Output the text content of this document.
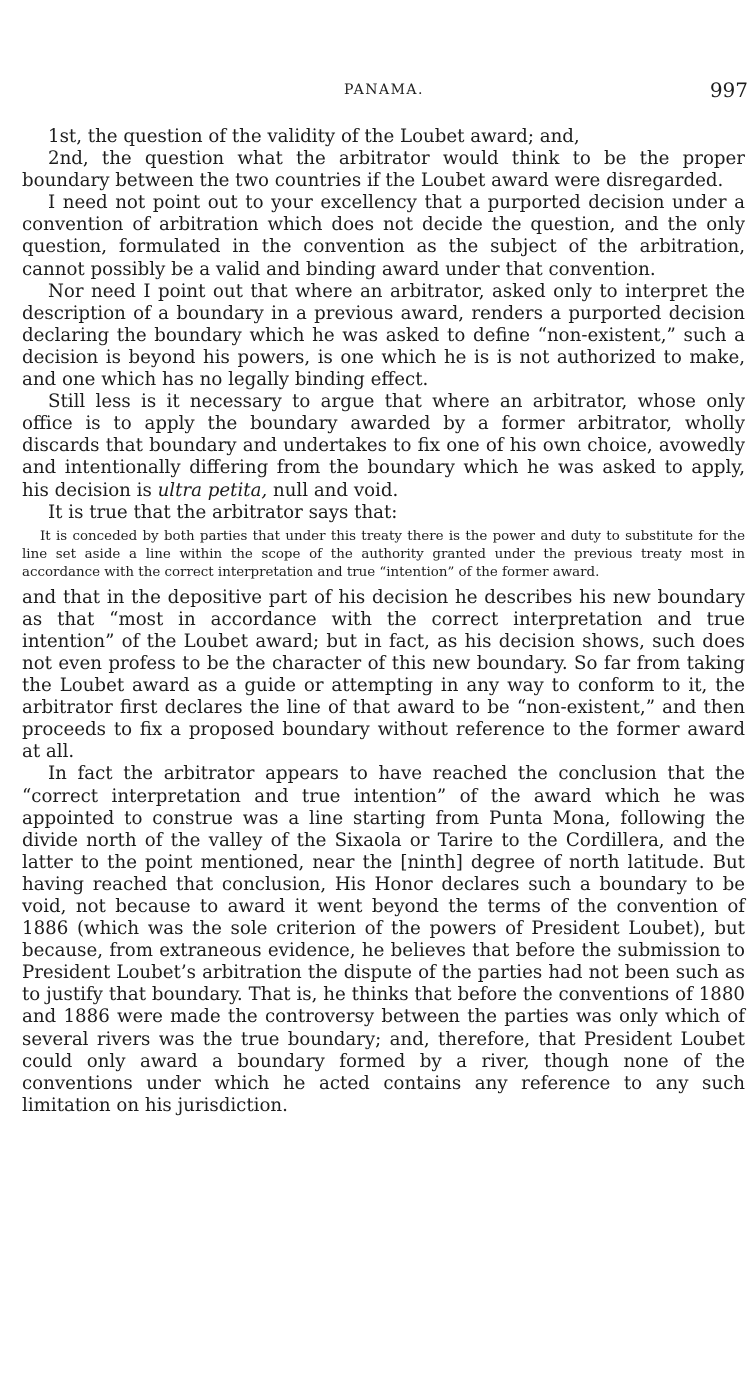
PANAMA.	997

1st, the question of the validity of the Loubet award; and,

2nd, the question what the arbitrator would think to be the proper boundary between the two countries if the Loubet award were disregarded.

I need not point out to your excellency that a purported decision under a convention of arbitration which does not decide the question, and the only question, formulated in the convention as the subject of the arbitration, cannot possibly be a valid and binding award under that convention.

Nor need I point out that where an arbitrator, asked only to interpret the description of a boundary in a previous award, renders a purported decision declaring the boundary which he was asked to define “non-existent,” such a decision is beyond his powers, is one which he is is not authorized to make, and one which has no legally binding effect.

Still less is it necessary to argue that where an arbitrator, whose only office is to apply the boundary awarded by a former arbitrator, wholly discards that boundary and undertakes to fix one of his own choice, avowedly and intentionally differing from the boundary which he was asked to apply, his decision is ultra petita, null and void.

It is true that the arbitrator says that:

It is conceded by both parties that under this treaty there is the power and duty to substitute for the line set aside a line within the scope of the authority granted under the previous treaty most in accordance with the correct interpretation and true “intention” of the former award.

and that in the depositive part of his decision he describes his new boundary as that “most in accordance with the correct interpretation and true intention” of the Loubet award; but in fact, as his decision shows, such does not even profess to be the character of this new boundary. So far from taking the Loubet award as a guide or attempting in any way to conform to it, the arbitrator first declares the line of that award to be “non-existent,” and then proceeds to fix a proposed boundary without reference to the former award at all.

In fact the arbitrator appears to have reached the conclusion that the “correct interpretation and true intention” of the award which he was appointed to construe was a line starting from Punta Mona, following the divide north of the valley of the Sixaola or Tarire to the Cordillera, and the latter to the point mentioned, near the [ninth] degree of north latitude. But having reached that conclusion, His Honor declares such a boundary to be void, not because to award it went beyond the terms of the convention of 1886 (which was the sole criterion of the powers of President Loubet), but because, from extraneous evidence, he believes that before the submission to President Loubet’s arbitration the dispute of the parties had not been such as to justify that boundary. That is, he thinks that before the conventions of 1880 and 1886 were made the controversy between the parties was only which of several rivers was the true boundary; and, therefore, that President Loubet could only award a boundary formed by a river, though none of the conventions under which he acted contains any reference to any such limitation on his jurisdiction.
